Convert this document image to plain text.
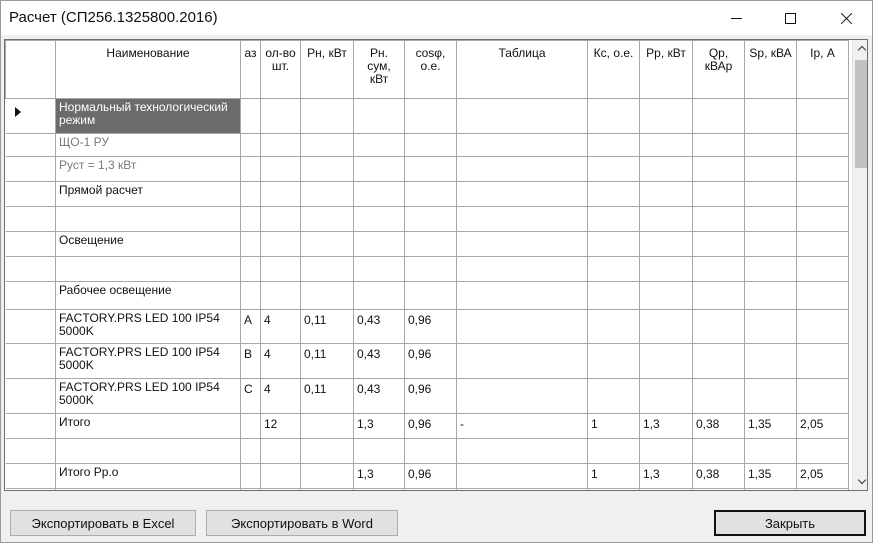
Расчет (СП256.1325800.2016)
	Наименование	аз	ол-во шт.	Рн, кВт	Рн. сум, кВт	cosφ, о.е.	Таблица	Кс, о.е.	Рр, кВт	Qр, кВАр	Sр, кВА	Iр, А

	Нормальный технологический режим											

	ЩО-1 РУ											

	Руст = 1,3 кВт											

	Прямой расчет											

	Освещение											

	Рабочее освещение											

	FACTORY.PRS LED 100 IP54 5000K	A	4	0,11	0,43	0,96						

	FACTORY.PRS LED 100 IP54 5000K	B	4	0,11	0,43	0,96						

	FACTORY.PRS LED 100 IP54 5000K	C	4	0,11	0,43	0,96						

	Итого		12		1,3	0,96	-	1	1,3	0,38	1,35	2,05

	Итого Рр.о				1,3	0,96		1	1,3	0,38	1,35	2,05

Экспортировать в Excel	Экспортировать в Word	Закрыть
